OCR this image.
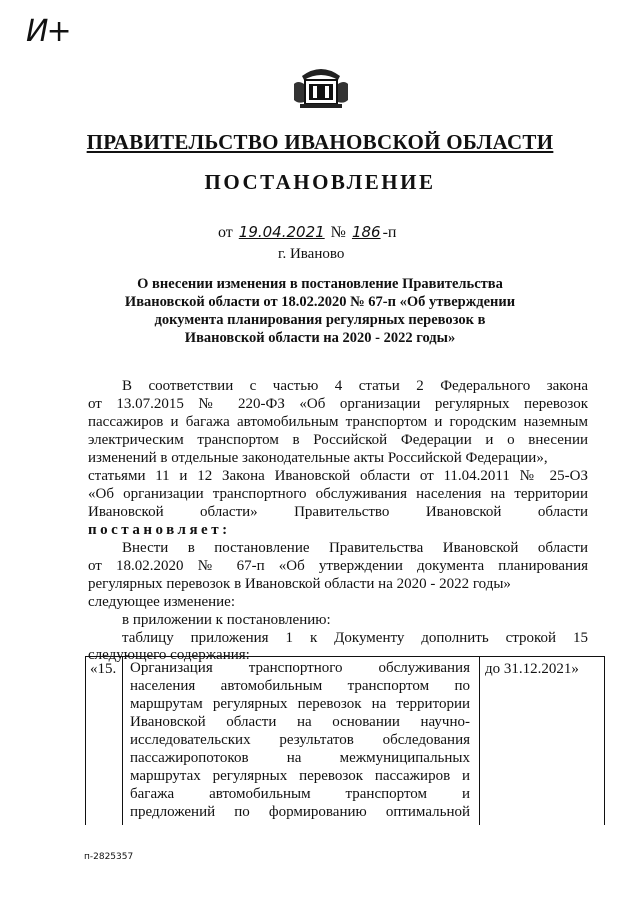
И+
ПРАВИТЕЛЬСТВО ИВАНОВСКОЙ ОБЛАСТИ
ПОСТАНОВЛЕНИЕ
от 19.04.2021 № 186 -п
г. Иваново
О внесении изменения в постановление Правительства Ивановской области от 18.02.2020 № 67-п «Об утверждении документа планирования регулярных перевозок в Ивановской области на 2020 - 2022 годы»
В соответствии с частью 4 статьи 2 Федерального закона
от 13.07.2015 № 220-ФЗ «Об организации регулярных перевозок
пассажиров и багажа автомобильным транспортом и городским наземным
электрическим транспортом в Российской Федерации и о внесении
изменений в отдельные законодательные акты Российской Федерации»,
статьями 11 и 12 Закона Ивановской области от 11.04.2011 № 25-ОЗ
«Об организации транспортного обслуживания населения на территории
Ивановской области» Правительство Ивановской области
постановляет:
Внести в постановление Правительства Ивановской области
от 18.02.2020 № 67-п «Об утверждении документа планирования
регулярных перевозок в Ивановской области на 2020 - 2022 годы»
следующее изменение:
в приложении к постановлению:
таблицу приложения 1 к Документу дополнить строкой 15
следующего содержания:
«15.	до 31.12.2021»
Организация транспортного обслуживания
населения автомобильным транспортом по
маршрутам регулярных перевозок на территории
Ивановской области на основании научно-
исследовательских результатов обследования
пассажиропотоков на межмуниципальных
маршрутах регулярных перевозок пассажиров и
багажа автомобильным транспортом и
предложений по формированию оптимальной
п-2825357
